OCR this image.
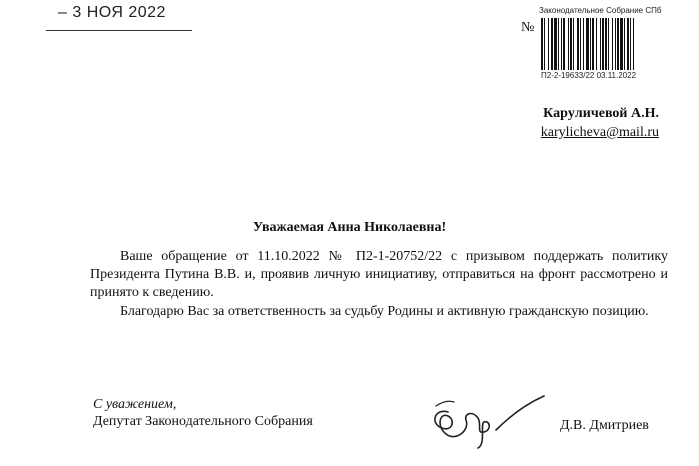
– 3 НОЯ 2022	Законодательное Собрание СПб
№
П2-2-19633/22 03.11.2022
Карyличевой А.Н.
karylicheva@mail.ru
Уважаемая Анна Николаевна!
Ваше обращение от 11.10.2022 № П2-1-20752/22 с призывом поддержать политику Президента Путина В.В. и, проявив личную инициативу, отправиться на фронт рассмотрено и принято к сведению.
Благодарю Вас за ответственность за судьбу Родины и активную гражданскую позицию.
С уважением,
Депутат Законодательного Собрания	Д.В. Дмитриев
